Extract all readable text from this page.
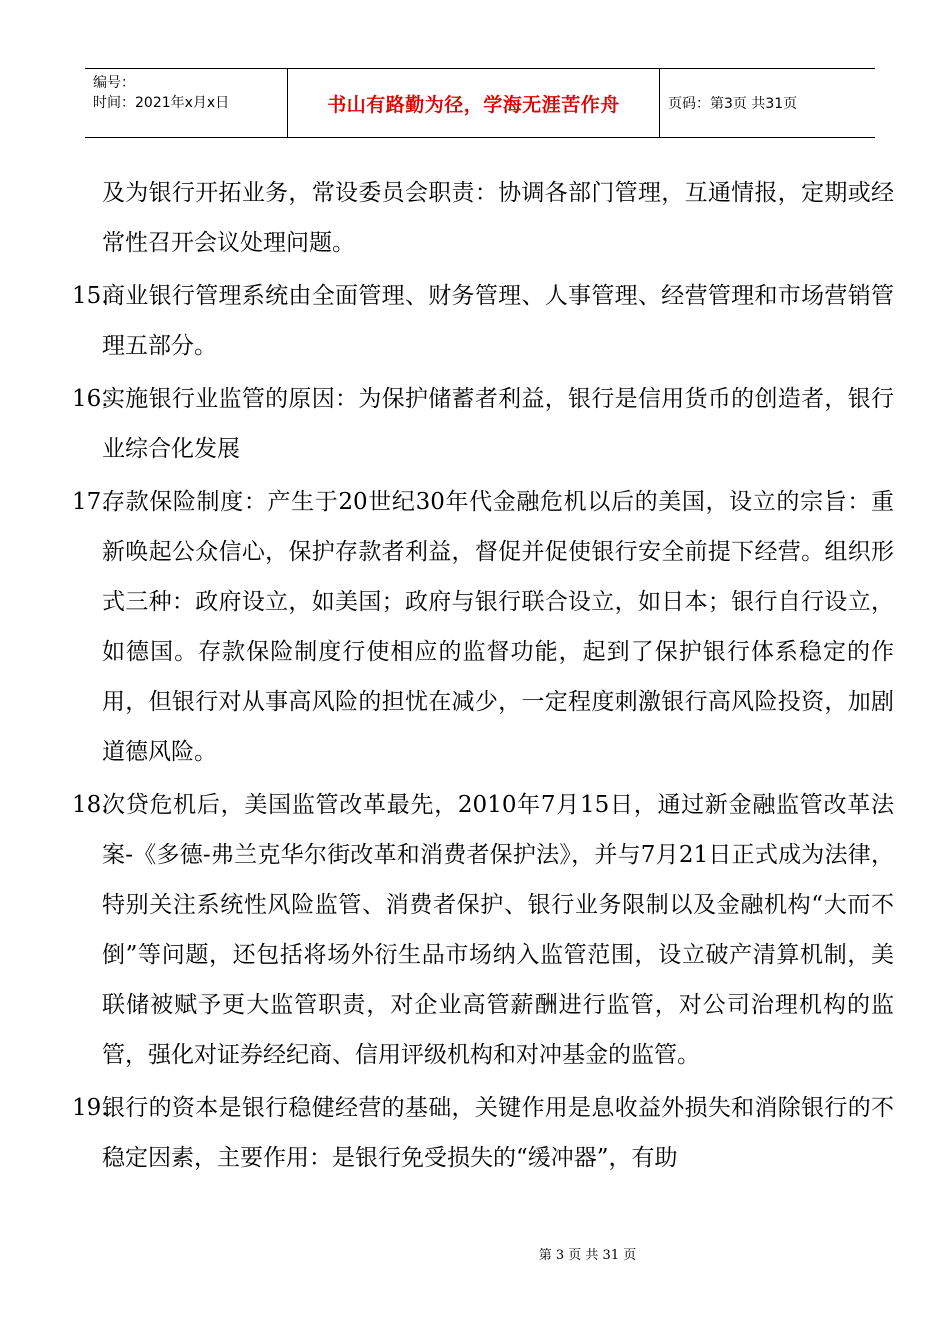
编号：
时间：2021年x月x日	书山有路勤为径，学海无涯苦作舟	页码：第3页 共31页
及为银行开拓业务，常设委员会职责：协调各部门管理，互通情报，定期或经常性召开会议处理问题。
15.
商业银行管理系统由全面管理、财务管理、人事管理、经营管理和市场营销管理五部分。
16.
实施银行业监管的原因：为保护储蓄者利益，银行是信用货币的创造者，银行业综合化发展
17.
存款保险制度：产生于20世纪30年代金融危机以后的美国，设立的宗旨：重新唤起公众信心，保护存款者利益，督促并促使银行安全前提下经营。组织形式三种：政府设立，如美国；政府与银行联合设立，如日本；银行自行设立，如德国。存款保险制度行使相应的监督功能，起到了保护银行体系稳定的作用，但银行对从事高风险的担忧在减少，一定程度刺激银行高风险投资，加剧道德风险。
18.
次贷危机后，美国监管改革最先，2010年7月15日，通过新金融监管改革法案-《多德-弗兰克华尔街改革和消费者保护法》，并与7月21日正式成为法律，特别关注系统性风险监管、消费者保护、银行业务限制以及金融机构“大而不倒”等问题，还包括将场外衍生品市场纳入监管范围，设立破产清算机制，美联储被赋予更大监管职责，对企业高管薪酬进行监管，对公司治理机构的监管，强化对证券经纪商、信用评级机构和对冲基金的监管。
19.
银行的资本是银行稳健经营的基础，关键作用是息收益外损失和消除银行的不稳定因素，主要作用：是银行免受损失的“缓冲器”，有助
第 3 页 共 31 页
